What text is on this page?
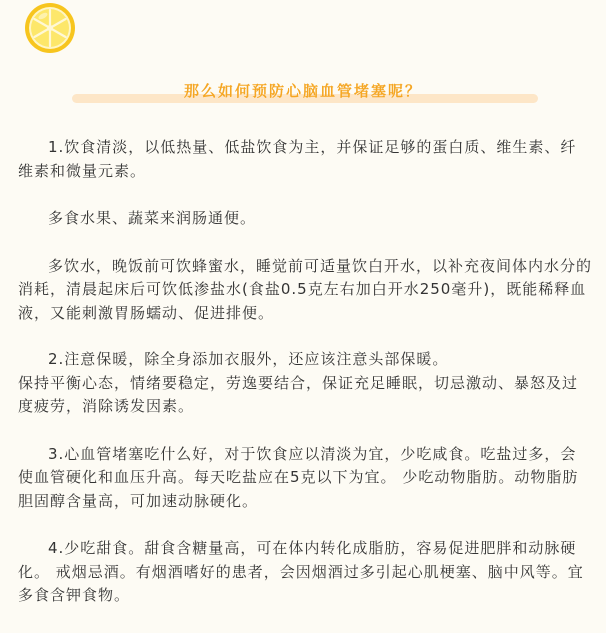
那么如何预防心脑血管堵塞呢？

1.饮食清淡，以低热量、低盐饮食为主，并保证足够的蛋白质、维生素、纤维素和微量元素。

多食水果、蔬菜来润肠通便。

多饮水，晚饭前可饮蜂蜜水，睡觉前可适量饮白开水，以补充夜间体内水分的消耗，清晨起床后可饮低渗盐水(食盐0.5克左右加白开水250毫升)，既能稀释血液，又能刺激胃肠蠕动、促进排便。

2.注意保暖，除全身添加衣服外，还应该注意头部保暖。

保持平衡心态，情绪要稳定，劳逸要结合，保证充足睡眠，切忌激动、暴怒及过度疲劳，消除诱发因素。

3.心血管堵塞吃什么好，对于饮食应以清淡为宜，少吃咸食。吃盐过多，会使血管硬化和血压升高。每天吃盐应在5克以下为宜。 少吃动物脂肪。动物脂肪胆固醇含量高，可加速动脉硬化。

4.少吃甜食。甜食含糖量高，可在体内转化成脂肪，容易促进肥胖和动脉硬化。 戒烟忌酒。有烟酒嗜好的患者，会因烟酒过多引起心肌梗塞、脑中风等。宜多食含钾食物。
